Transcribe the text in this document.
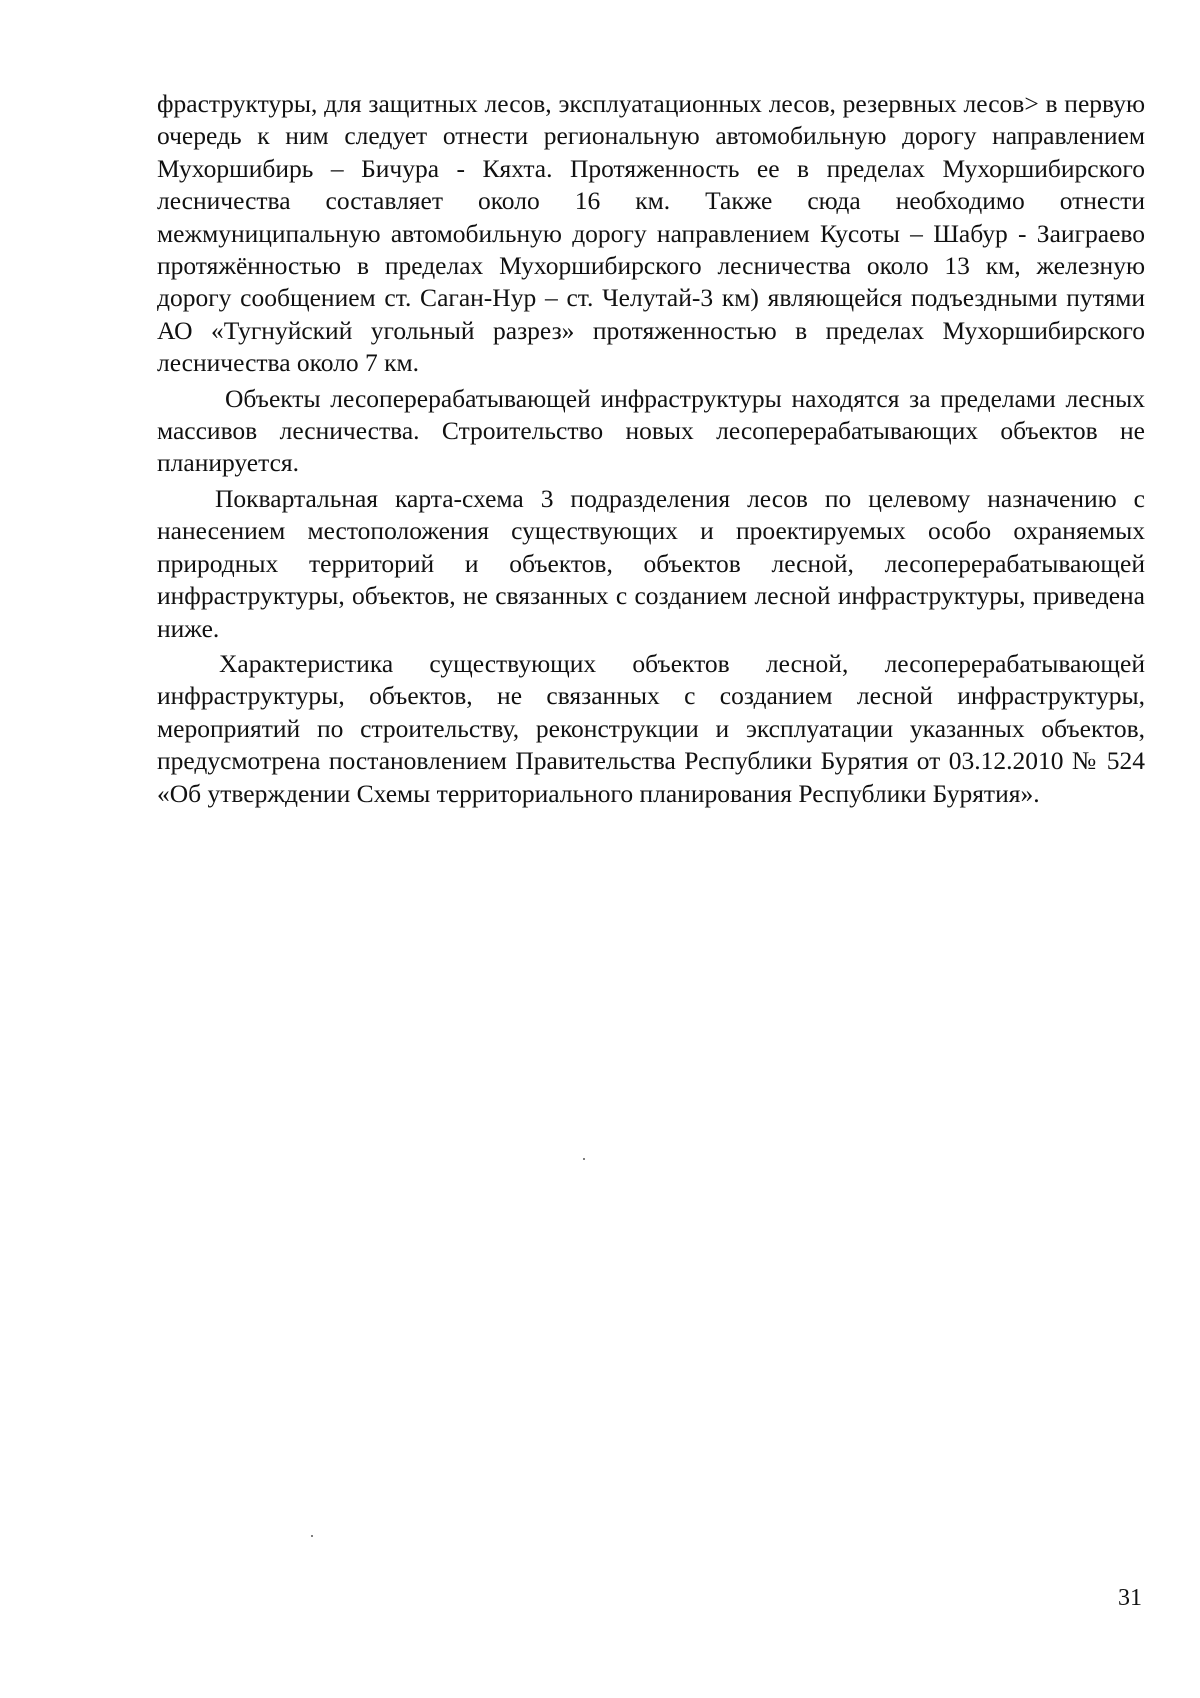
фраструктуры, для защитных лесов, эксплуатационных лесов, резервных лесов> в первую очередь к ним следует отнести региональную автомобильную дорогу направлением Мухоршибирь – Бичура - Кяхта. Протяженность ее в пределах Мухоршибирского лесничества составляет около 16 км. Также сюда необходимо отнести межмуниципальную автомобильную дорогу направлением Кусоты – Шабур - Заиграево протяжённостью в пределах Мухоршибирского лесничества около 13 км, железную дорогу сообщением ст. Саган-Нур – ст. Челутай-3 км) являющейся подъездными путями АО «Тугнуйский угольный разрез» протяженностью в пределах Мухоршибирского лесничества около 7 км.

Объекты лесоперерабатывающей инфраструктуры находятся за пределами лесных массивов лесничества. Строительство новых лесоперерабатывающих объектов не планируется.

Поквартальная карта-схема 3 подразделения лесов по целевому назначению с нанесением местоположения существующих и проектируемых особо охраняемых природных территорий и объектов, объектов лесной, лесоперерабатывающей инфраструктуры, объектов, не связанных с созданием лесной инфраструктуры, приведена ниже.

Характеристика существующих объектов лесной, лесоперерабатывающей инфраструктуры, объектов, не связанных с созданием лесной инфраструктуры, мероприятий по строительству, реконструкции и эксплуатации указанных объектов, предусмотрена постановлением Правительства Республики Бурятия от 03.12.2010 № 524 «Об утверждении Схемы территориального планирования Республики Бурятия».

31
